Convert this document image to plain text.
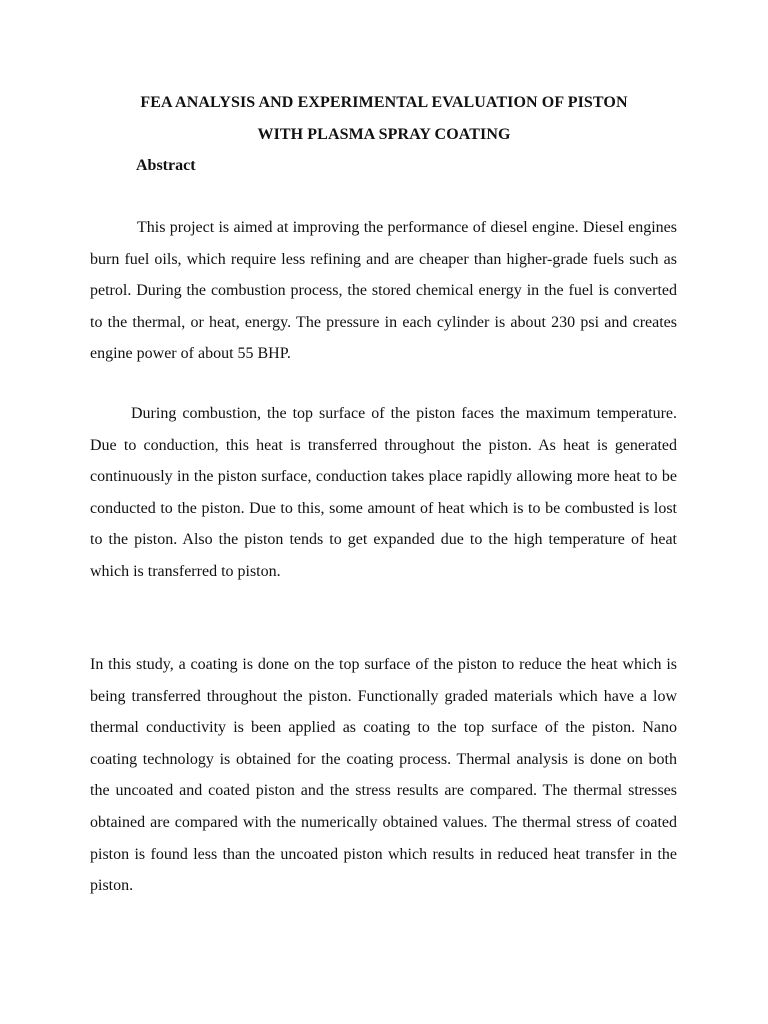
FEA ANALYSIS AND EXPERIMENTAL EVALUATION OF PISTON
WITH PLASMA SPRAY COATING
Abstract

This project is aimed at improving the performance of diesel engine. Diesel engines burn fuel oils, which require less refining and are cheaper than higher-grade fuels such as petrol. During the combustion process, the stored chemical energy in the fuel is converted to the thermal, or heat, energy. The pressure in each cylinder is about 230 psi and creates engine power of about 55 BHP.

During combustion, the top surface of the piston faces the maximum temperature. Due to conduction, this heat is transferred throughout the piston. As heat is generated continuously in the piston surface, conduction takes place rapidly allowing more heat to be conducted to the piston. Due to this, some amount of heat which is to be combusted is lost to the piston. Also the piston tends to get expanded due to the high temperature of heat which is transferred to piston.

In this study, a coating is done on the top surface of the piston to reduce the heat which is being transferred throughout the piston. Functionally graded materials which have a low thermal conductivity is been applied as coating to the top surface of the piston. Nano coating technology is obtained for the coating process. Thermal analysis is done on both the uncoated and coated piston and the stress results are compared. The thermal stresses obtained are compared with the numerically obtained values. The thermal stress of coated piston is found less than the uncoated piston which results in reduced heat transfer in the piston.
